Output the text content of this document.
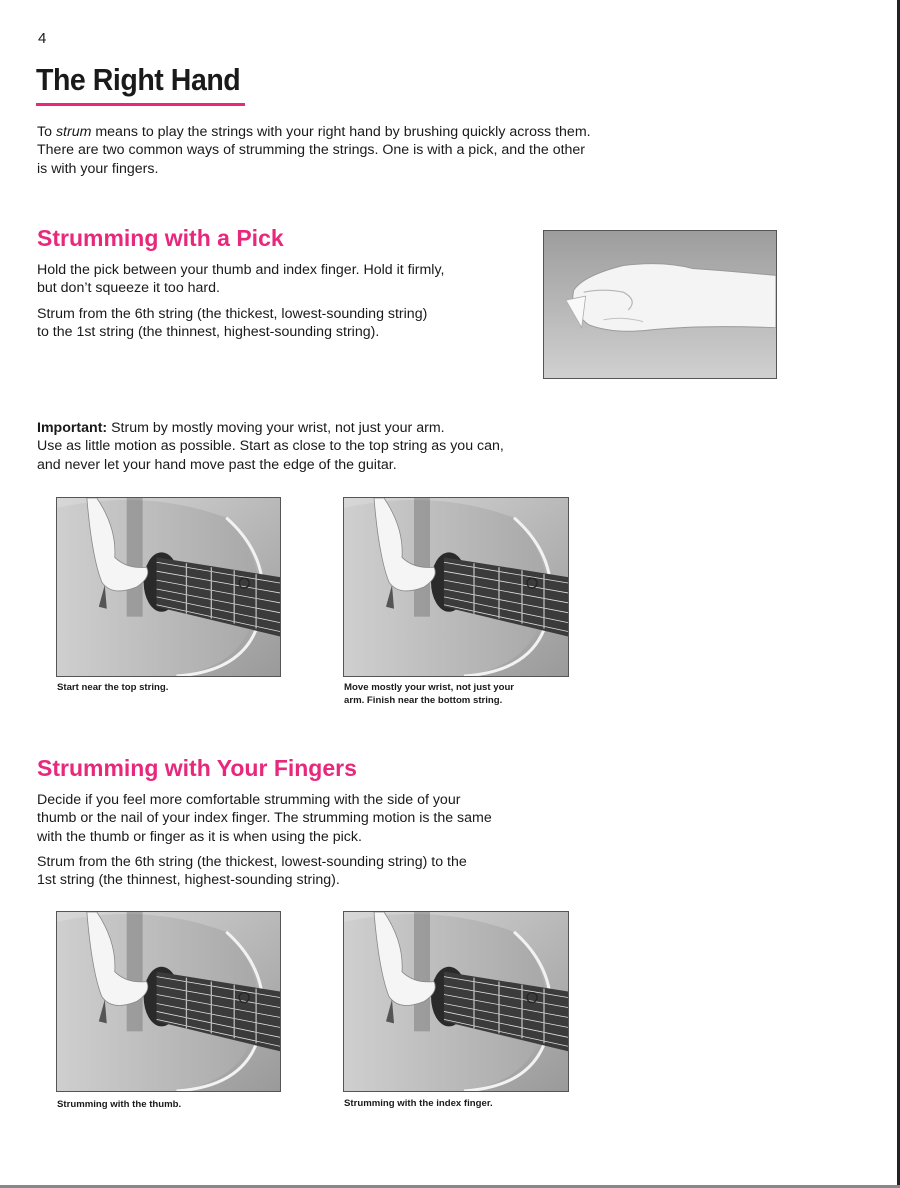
4
The Right Hand

To strum means to play the strings with your right hand by brushing quickly across them.

There are two common ways of strumming the strings. One is with a pick, and the other

is with your fingers.

Strumming with a Pick

Hold the pick between your thumb and index finger. Hold it firmly,

but don’t squeeze it too hard.

Strum from the 6th string (the thickest, lowest-sounding string)

to the 1st string (the thinnest, highest-sounding string).

Important: Strum by mostly moving your wrist, not just your arm.

Use as little motion as possible. Start as close to the top string as you can,

and never let your hand move past the edge of the guitar.

Start near the top string.	Move mostly your wrist, not just your

arm. Finish near the bottom string.

Strumming with Your Fingers

Decide if you feel more comfortable strumming with the side of your

thumb or the nail of your index finger. The strumming motion is the same

with the thumb or finger as it is when using the pick.

Strum from the 6th string (the thickest, lowest-sounding string) to the

1st string (the thinnest, highest-sounding string).

Strumming with the thumb.	Strumming with the index finger.
